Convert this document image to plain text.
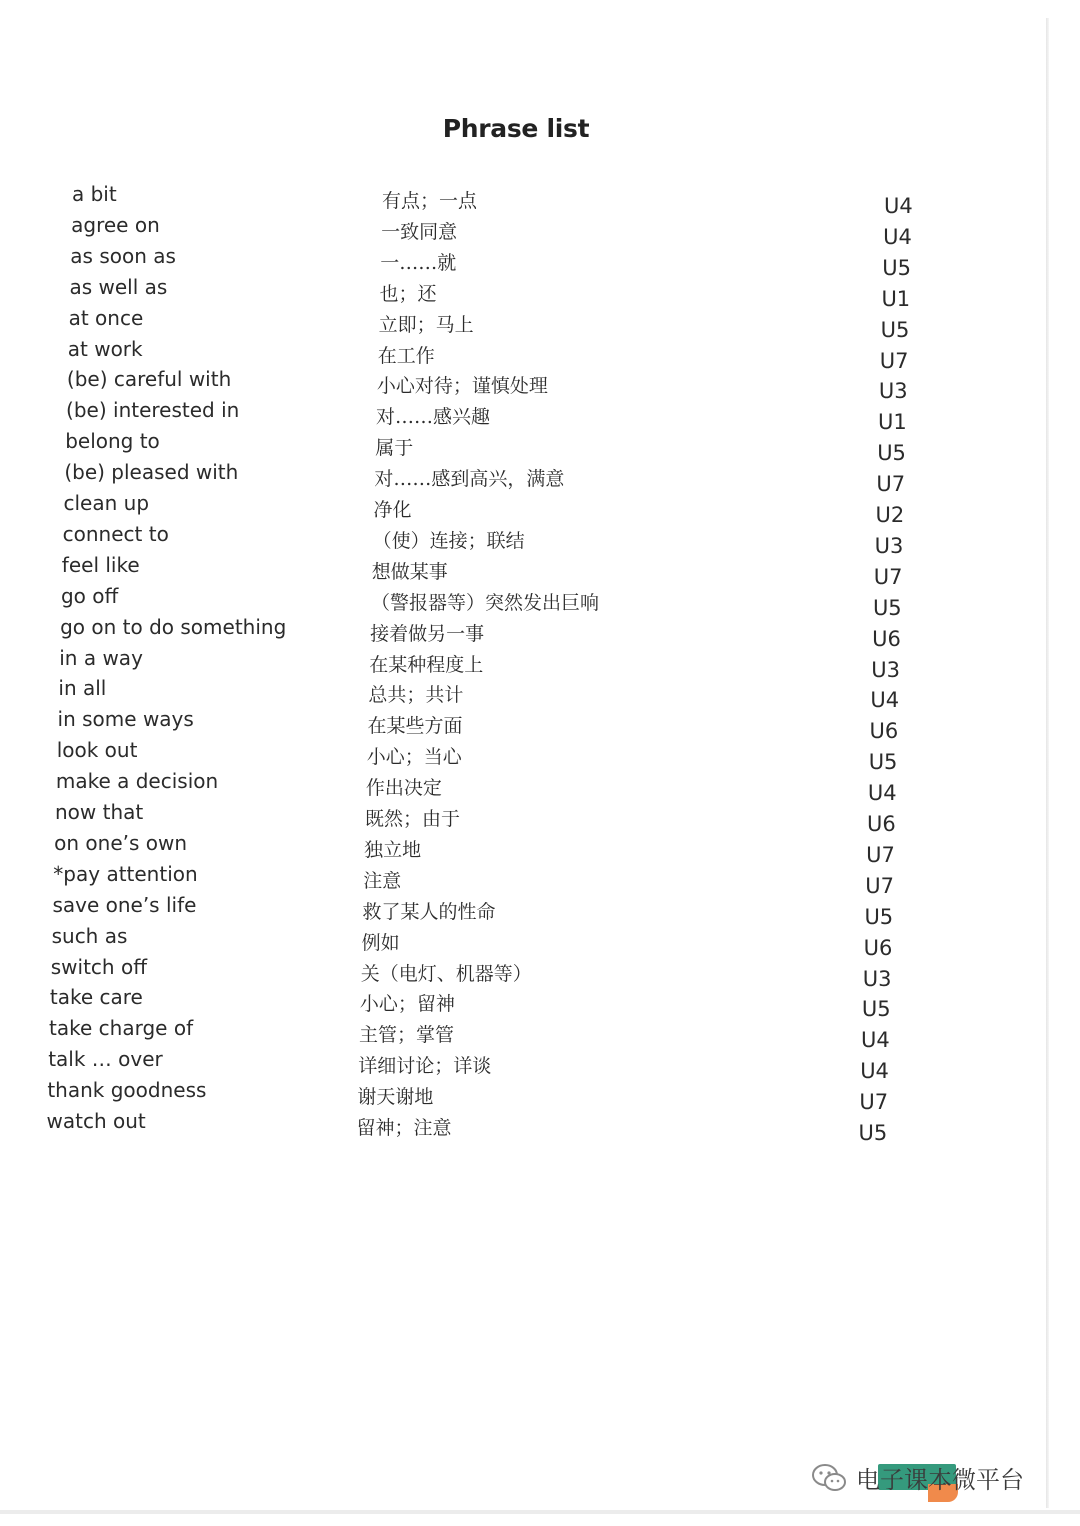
Phrase list
a bit	有点；一点	U4
agree on	一致同意	U4
as soon as	一……就	U5
as well as	也；还	U1
at once	立即；马上	U5
at work	在工作	U7
(be) careful with	小心对待；谨慎处理	U3
(be) interested in	对……感兴趣	U1
belong to	属于	U5
(be) pleased with	对……感到高兴，满意	U7
clean up	净化	U2
connect to	（使）连接；联结	U3
feel like	想做某事	U7
go off	（警报器等）突然发出巨响	U5
go on to do something	接着做另一事	U6
in a way	在某种程度上	U3
in all	总共；共计	U4
in some ways	在某些方面	U6
look out	小心；当心	U5
make a decision	作出决定	U4
now that	既然；由于	U6
on one’s own	独立地	U7
*pay attention	注意	U7
save one’s life	救了某人的性命	U5
such as	例如	U6
switch off	关（电灯、机器等）	U3
take care	小心；留神	U5
take charge of	主管；掌管	U4
talk … over	详细讨论；详谈	U4
thank goodness	谢天谢地	U7
watch out	留神；注意	U5
电子课本微平台
